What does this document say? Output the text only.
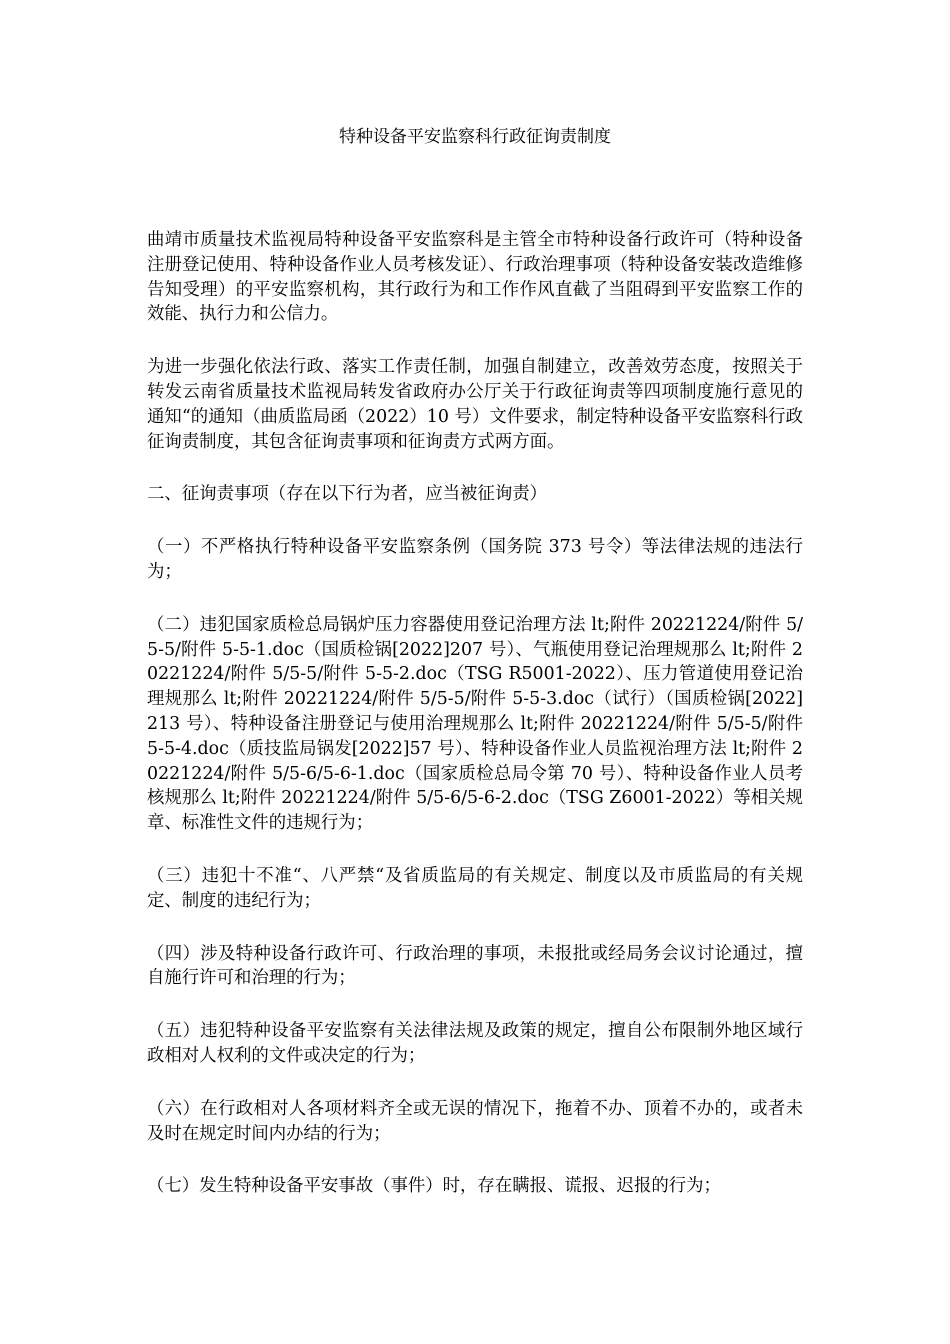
特种设备平安监察科行政征询责制度

曲靖市质量技术监视局特种设备平安监察科是主管全市特种设备行政许可（特种设备注册登记使用、特种设备作业人员考核发证）、行政治理事项（特种设备安装改造维修告知受理）的平安监察机构，其行政行为和工作作风直截了当阻碍到平安监察工作的效能、执行力和公信力。

为进一步强化依法行政、落实工作责任制，加强自制建立，改善效劳态度，按照关于转发云南省质量技术监视局转发省政府办公厅关于行政征询责等四项制度施行意见的通知“的通知（曲质监局函（2022）10 号）文件要求，制定特种设备平安监察科行政征询责制度，其包含征询责事项和征询责方式两方面。

二、征询责事项（存在以下行为者，应当被征询责）

（一）不严格执行特种设备平安监察条例（国务院 373 号令）等法律法规的违法行为；

（二）违犯国家质检总局锅炉压力容器使用登记治理方法 lt;附件 20221224/附件 5/5-5/附件 5-5-1.doc（国质检锅[2022]207 号）、气瓶使用登记治理规那么 lt;附件 20221224/附件 5/5-5/附件 5-5-2.doc（TSG R5001-2022）、压力管道使用登记治理规那么 lt;附件 20221224/附件 5/5-5/附件 5-5-3.doc（试行）（国质检锅[2022]213 号）、特种设备注册登记与使用治理规那么 lt;附件 20221224/附件 5/5-5/附件 5-5-4.doc（质技监局锅发[2022]57 号）、特种设备作业人员监视治理方法 lt;附件 20221224/附件 5/5-6/5-6-1.doc（国家质检总局令第 70 号）、特种设备作业人员考核规那么 lt;附件 20221224/附件 5/5-6/5-6-2.doc（TSG Z6001-2022）等相关规章、标准性文件的违规行为；

（三）违犯十不准“、八严禁“及省质监局的有关规定、制度以及市质监局的有关规定、制度的违纪行为；

（四）涉及特种设备行政许可、行政治理的事项，未报批或经局务会议讨论通过，擅自施行许可和治理的行为；

（五）违犯特种设备平安监察有关法律法规及政策的规定，擅自公布限制外地区域行政相对人权利的文件或决定的行为；

（六）在行政相对人各项材料齐全或无误的情况下，拖着不办、顶着不办的，或者未及时在规定时间内办结的行为；

（七）发生特种设备平安事故（事件）时，存在瞒报、谎报、迟报的行为；
